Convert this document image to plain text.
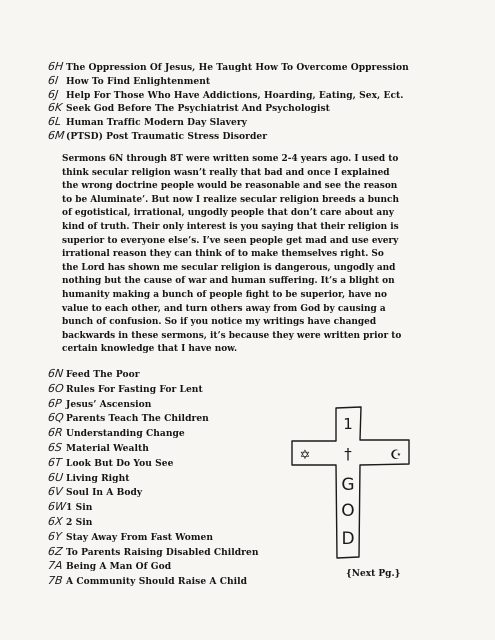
6H The Oppression Of Jesus, He Taught How To Overcome Oppression
6I How To Find Enlightenment
6J Help For Those Who Have Addictions, Hoarding, Eating, Sex, Ect.
6K Seek God Before The Psychiatrist And Psychologist
6L Human Traffic Modern Day Slavery
6M (PTSD) Post Traumatic Stress Disorder
Sermons 6N through 8T were written some 2-4 years ago. I used to
think secular religion wasn’t really that bad and once I explained
the wrong doctrine people would be reasonable and see the reason
to be Aluminate’. But now I realize secular religion breeds a bunch
of egotistical, irrational, ungodly people that don’t care about any
kind of truth. Their only interest is you saying that their religion is
superior to everyone else’s. I’ve seen people get mad and use every
irrational reason they can think of to make themselves right. So
the Lord has shown me secular religion is dangerous, ungodly and
nothing but the cause of war and human suffering. It’s a blight on
humanity making a bunch of people fight to be superior, have no
value to each other, and turn others away from God by causing a
bunch of confusion. So if you notice my writings have changed
backwards in these sermons, it’s because they were written prior to
certain knowledge that I have now.
6N Feed The Poor
6O Rules For Fasting For Lent
6P Jesus’ Ascension
6Q Parents Teach The Children
6R Understanding Change
6S Material Wealth
6T Look But Do You See
6U Living Right
6V Soul In A Body
6W 1 Sin
6X 2 Sin
6Y Stay Away From Fast Women
6Z To Parents Raising Disabled Children
7A Being A Man Of God
7B A Community Should Raise A Child
1
✡ †	☪
G
O
D
{Next Pg.}
